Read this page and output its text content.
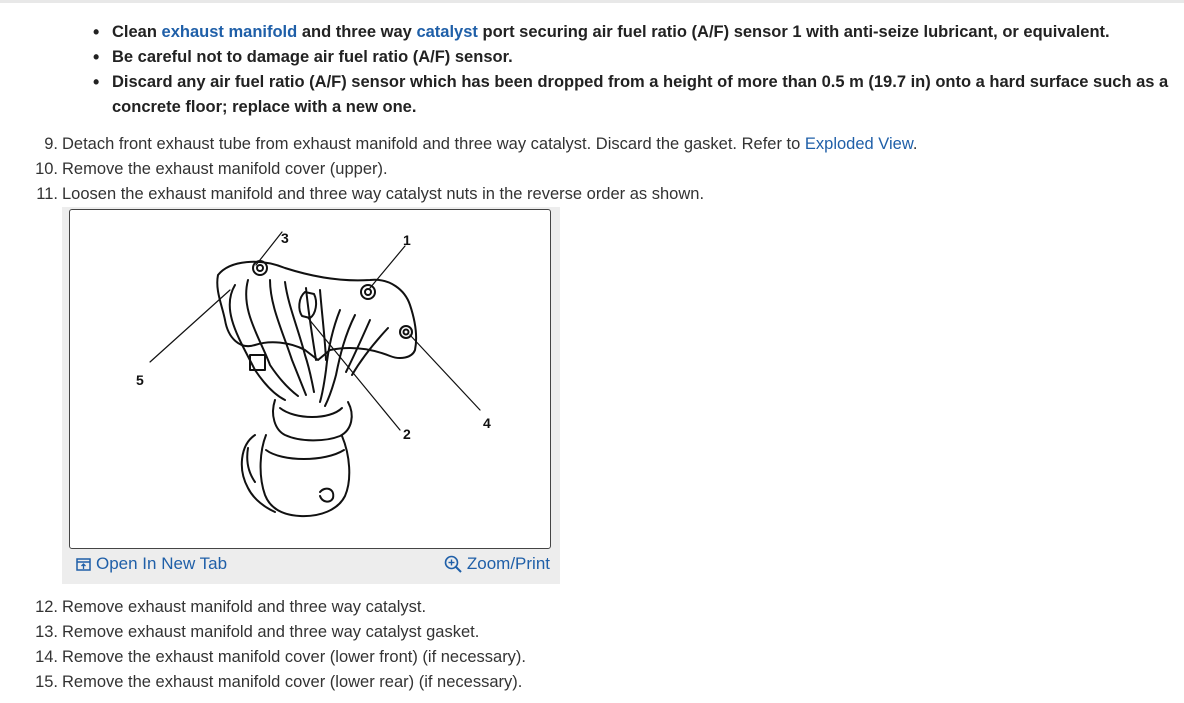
• Clean exhaust manifold and three way catalyst port securing air fuel ratio (A/F) sensor 1 with anti-seize lubricant, or equivalent.
• Be careful not to damage air fuel ratio (A/F) sensor.
• Discard any air fuel ratio (A/F) sensor which has been dropped from a height of more than 0.5 m (19.7 in) onto a hard surface such as a concrete floor; replace with a new one.
9. Detach front exhaust tube from exhaust manifold and three way catalyst. Discard the gasket. Refer to Exploded View.
10. Remove the exhaust manifold cover (upper).
11. Loosen the exhaust manifold and three way catalyst nuts in the reverse order as shown.
3	1
5
4
2
Open In New Tab	Zoom/Print
12. Remove exhaust manifold and three way catalyst.
13. Remove exhaust manifold and three way catalyst gasket.
14. Remove the exhaust manifold cover (lower front) (if necessary).
15. Remove the exhaust manifold cover (lower rear) (if necessary).
